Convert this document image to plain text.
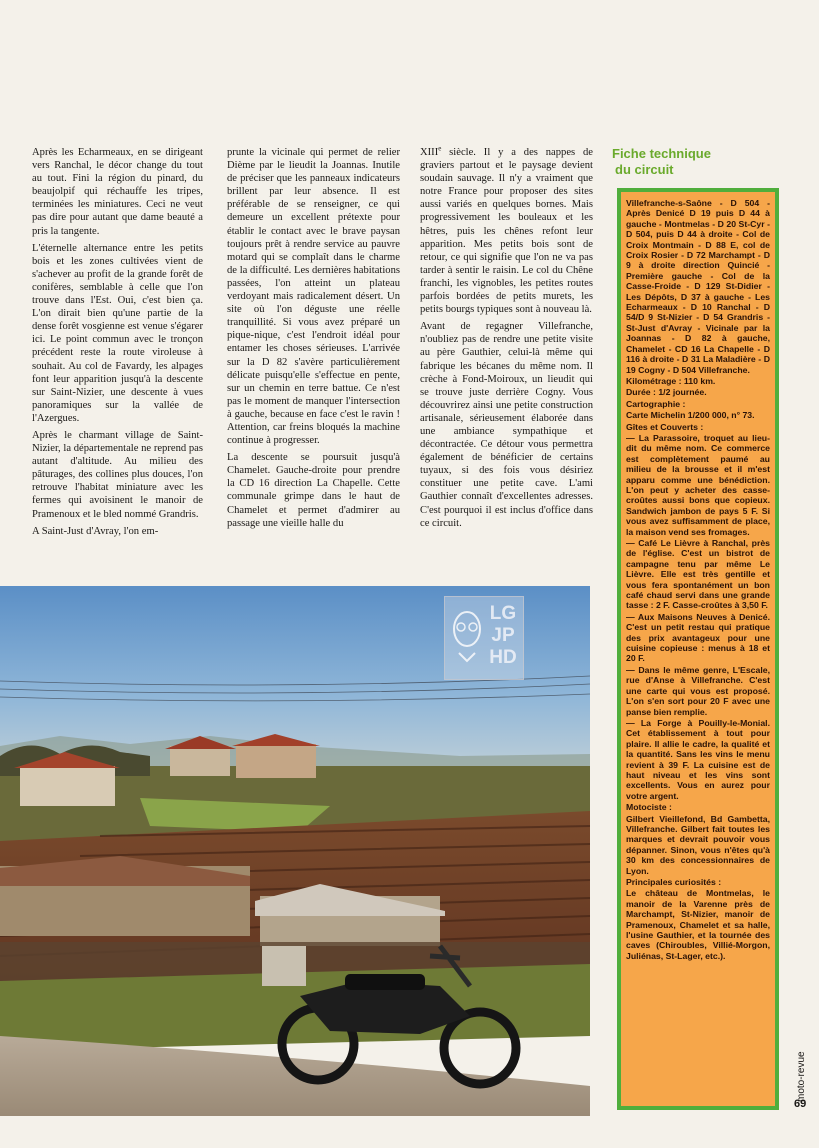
Après les Echarmeaux, en se dirigeant vers Ranchal, le décor change du tout au tout. Fini la région du pinard, du beaujolpif qui réchauffe les tripes, terminées les miniatures. Ceci ne veut pas dire pour autant que dame beauté a pris la tangente.

L'éternelle alternance entre les petits bois et les zones cultivées vient de s'achever au profit de la grande forêt de conifères, semblable à celle que l'on trouve dans l'Est. Oui, c'est bien ça. L'on dirait bien qu'une partie de la dense forêt vosgienne est venue s'égarer ici. Le point commun avec le tronçon précédent reste la route viroleuse à souhait. Au col de Favardy, les alpages font leur apparition jusqu'à la descente sur Saint-Nizier, une descente à vues panoramiques sur la vallée de l'Azergues.

Après le charmant village de Saint-Nizier, la départementale ne reprend pas autant d'altitude. Au milieu des pâturages, des collines plus douces, l'on retrouve l'habitat miniature avec les fermes qui avoisinent le manoir de Pramenoux et le bled nommé Grandris.

A Saint-Just d'Avray, l'on em-

prunte la vicinale qui permet de relier Dième par le lieudit la Joannas. Inutile de préciser que les panneaux indicateurs brillent par leur absence. Il est préférable de se renseigner, ce qui demeure un excellent prétexte pour établir le contact avec le brave paysan toujours prêt à rendre service au pauvre motard qui se complaît dans le charme de la difficulté. Les dernières habitations passées, l'on atteint un plateau verdoyant mais radicalement désert. Un site où l'on déguste une réelle tranquillité. Si vous avez préparé un pique-nique, c'est l'endroit idéal pour entamer les choses sérieuses. L'arrivée sur la D 82 s'avère particulièrement délicate puisqu'elle s'effectue en pente, sur un chemin en terre battue. Ce n'est pas le moment de manquer l'intersection à gauche, because en face c'est le ravin ! Attention, car freins bloqués la machine continue à progresser.

La descente se poursuit jusqu'à Chamelet. Gauche-droite pour prendre la CD 16 direction La Chapelle. Cette communale grimpe dans le haut de Chamelet et permet d'admirer au passage une vieille halle du

XIIIe siècle. Il y a des nappes de graviers partout et le paysage devient soudain sauvage. Il n'y a vraiment que notre France pour proposer des sites aussi variés en quelques bornes. Mais progressivement les bouleaux et les hêtres, puis les chênes refont leur apparition. Mes petits bois sont de retour, ce qui signifie que l'on ne va pas tarder à sentir le raisin. Le col du Chêne franchi, les vignobles, les petites routes parfois bordées de petits murets, les petits bourgs typiques sont à nouveau là.

Avant de regagner Villefranche, n'oubliez pas de rendre une petite visite au père Gauthier, celui-là même qui fabrique les bécanes du même nom. Il crèche à Fond-Moiroux, un lieudit qui se trouve juste derrière Cogny. Vous découvrirez ainsi une petite construction artisanale, sérieusement élaborée dans une ambiance sympathique et décontractée. Ce détour vous permettra également de bénéficier de certains tuyaux, si des fois vous désiriez constituer une petite cave. L'ami Gauthier connaît d'excellentes adresses. C'est pourquoi il est inclus d'office dans ce circuit.

Fiche technique
du circuit

Villefranche-s-Saône - D 504 - Après Denicé D 19 puis D 44 à gauche - Montmelas - D 20 St-Cyr - D 504, puis D 44 à droite - Col de Croix Montmain - D 88 E, col de Croix Rosier - D 72 Marchampt - D 9 à droite direction Quincié - Première gauche - Col de la Casse-Froide - D 129 St-Didier - Les Dépôts, D 37 à gauche - Les Echarmeaux - D 10 Ranchal - D 54/D 9 St-Nizier - D 54 Grandris - St-Just d'Avray - Vicinale par la Joannas - D 82 à gauche, Chamelet - CD 16 La Chapelle - D 116 à droite - D 31 La Maladière - D 19 Cogny - D 504 Villefranche.

Kilométrage : 110 km.

Durée : 1/2 journée.

Cartographie :

Carte Michelin 1/200 000, n° 73.

Gîtes et Couverts :

— La Parassoire, troquet au lieu-dit du même nom. Ce commerce est complètement paumé au milieu de la brousse et il m'est apparu comme une bénédiction. L'on peut y acheter des casse-croûtes aussi bons que copieux. Sandwich jambon de pays 5 F. Si vous avez suffisamment de place, la maison vend ses fromages.

— Café Le Lièvre à Ranchal, près de l'église. C'est un bistrot de campagne tenu par même Le Lièvre. Elle est très gentille et vous fera spontanément un bon café chaud servi dans une grande tasse : 2 F. Casse-croûtes à 3,50 F.

— Aux Maisons Neuves à Denicé. C'est un petit restau qui pratique des prix avantageux pour une cuisine copieuse : menus à 18 et 20 F.

— Dans le même genre, L'Escale, rue d'Anse à Villefranche. C'est une carte qui vous est proposé. L'on s'en sort pour 20 F avec une panse bien remplie.

— La Forge à Pouilly-le-Monial. Cet établissement à tout pour plaire. Il allie le cadre, la qualité et la quantité. Sans les vins le menu revient à 39 F. La cuisine est de haut niveau et les vins sont excellents. Vous en aurez pour votre argent.

Motociste :

Gilbert Vieillefond, Bd Gambetta, Villefranche. Gilbert fait toutes les marques et devrait pouvoir vous dépanner. Sinon, vous n'êtes qu'à 30 km des concessionnaires de Lyon.

Principales curiosités :

Le château de Montmelas, le manoir de la Varenne près de Marchampt, St-Nizier, manoir de Pramenoux, Chamelet et sa halle, l'usine Gauthier, et la tournée des caves (Chiroubles, Villié-Morgon, Juliénas, St-Lager, etc.).

LG
JP
HD
moto-revue
69
